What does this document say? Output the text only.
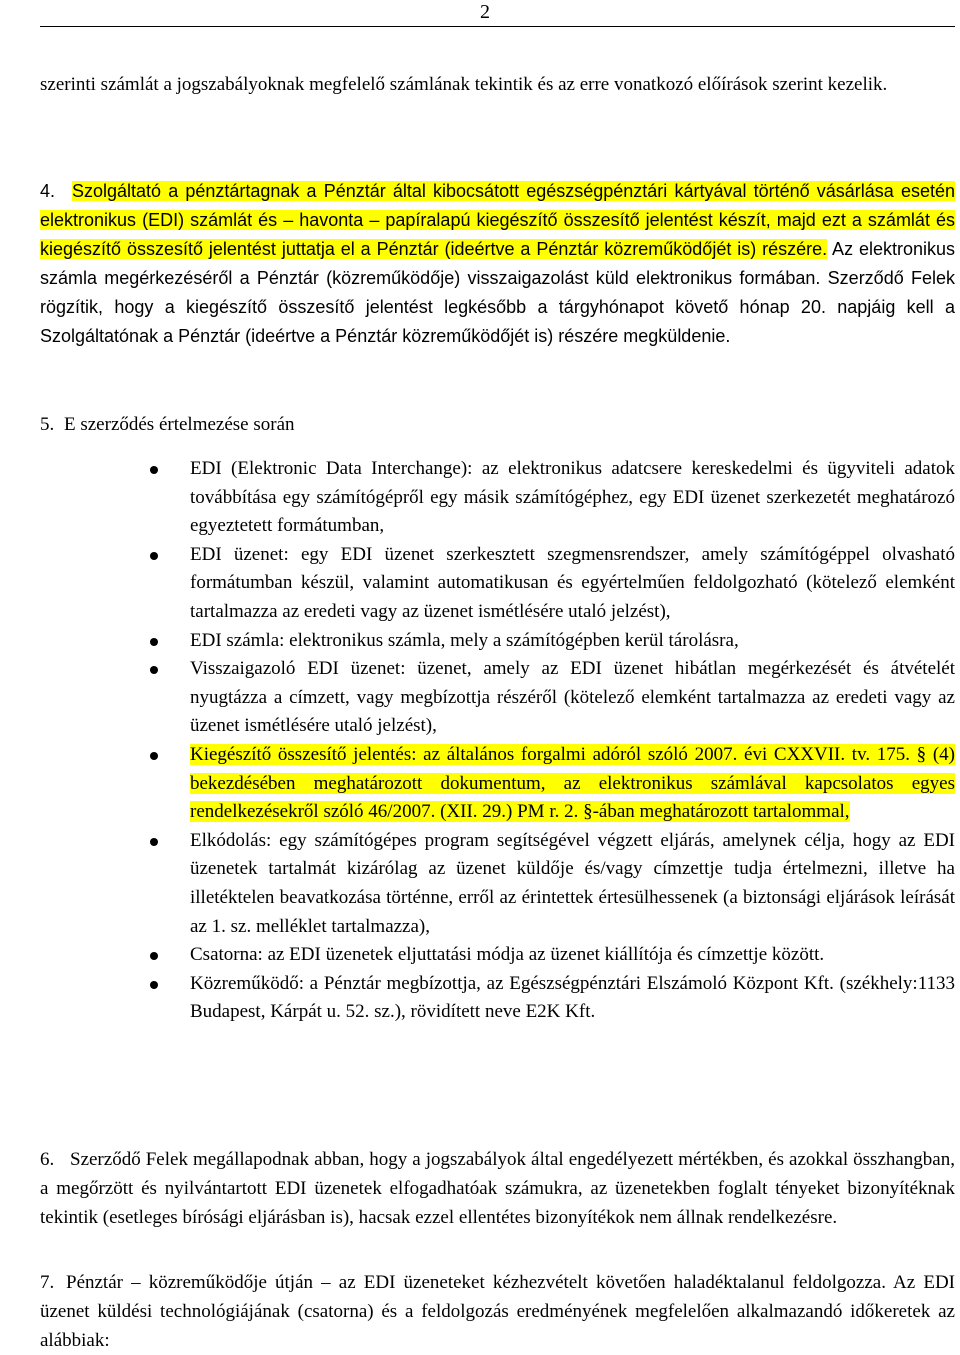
2
szerinti számlát a jogszabályoknak megfelelő számlának tekintik és az erre vonatkozó előírások szerint kezelik.
4. Szolgáltató a pénztártagnak a Pénztár által kibocsátott egészségpénztári kártyával történő vásárlása esetén elektronikus (EDI) számlát és – havonta – papíralapú kiegészítő összesítő jelentést készít, majd ezt a számlát és kiegészítő összesítő jelentést juttatja el a Pénztár (ideértve a Pénztár közreműködőjét is) részére. Az elektronikus számla megérkezéséről a Pénztár (közreműködője) visszaigazolást küld elektronikus formában. Szerződő Felek rögzítik, hogy a kiegészítő összesítő jelentést legkésőbb a tárgyhónapot követő hónap 20. napjáig kell a Szolgáltatónak a Pénztár (ideértve a Pénztár közreműködőjét is) részére megküldenie.
5. E szerződés értelmezése során
EDI (Elektronic Data Interchange): az elektronikus adatcsere kereskedelmi és ügyviteli adatok továbbítása egy számítógépről egy másik számítógéphez, egy EDI üzenet szerkezetét meghatározó egyeztetett formátumban,
EDI üzenet: egy EDI üzenet szerkesztett szegmensrendszer, amely számítógéppel olvasható formátumban készül, valamint automatikusan és egyértelműen feldolgozható (kötelező elemként tartalmazza az eredeti vagy az üzenet ismétlésére utaló jelzést),
EDI számla: elektronikus számla, mely a számítógépben kerül tárolásra,
Visszaigazoló EDI üzenet: üzenet, amely az EDI üzenet hibátlan megérkezését és átvételét nyugtázza a címzett, vagy megbízottja részéről (kötelező elemként tartalmazza az eredeti vagy az üzenet ismétlésére utaló jelzést),
Kiegészítő összesítő jelentés: az általános forgalmi adóról szóló 2007. évi CXXVII. tv. 175. § (4) bekezdésében meghatározott dokumentum, az elektronikus számlával kapcsolatos egyes rendelkezésekről szóló 46/2007. (XII. 29.) PM r. 2. §-ában meghatározott tartalommal,
Elkódolás: egy számítógépes program segítségével végzett eljárás, amelynek célja, hogy az EDI üzenetek tartalmát kizárólag az üzenet küldője és/vagy címzettje tudja értelmezni, illetve ha illetéktelen beavatkozása történne, erről az érintettek értesülhessenek (a biztonsági eljárások leírását az 1. sz. melléklet tartalmazza),
Csatorna: az EDI üzenetek eljuttatási módja az üzenet kiállítója és címzettje között.
Közreműködő: a Pénztár megbízottja, az Egészségpénztári Elszámoló Központ Kft. (székhely:1133 Budapest, Kárpát u. 52. sz.), rövidített neve E2K Kft.
6. Szerződő Felek megállapodnak abban, hogy a jogszabályok által engedélyezett mértékben, és azokkal összhangban, a megőrzött és nyilvántartott EDI üzenetek elfogadhatóak számukra, az üzenetekben foglalt tényeket bizonyítéknak tekintik (esetleges bírósági eljárásban is), hacsak ezzel ellentétes bizonyítékok nem állnak rendelkezésre.
7. Pénztár – közreműködője útján – az EDI üzeneteket kézhezvételt követően haladéktalanul feldolgozza. Az EDI üzenet küldési technológiájának (csatorna) és a feldolgozás eredményének megfelelően alkalmazandó időkeretek az alábbiak:
